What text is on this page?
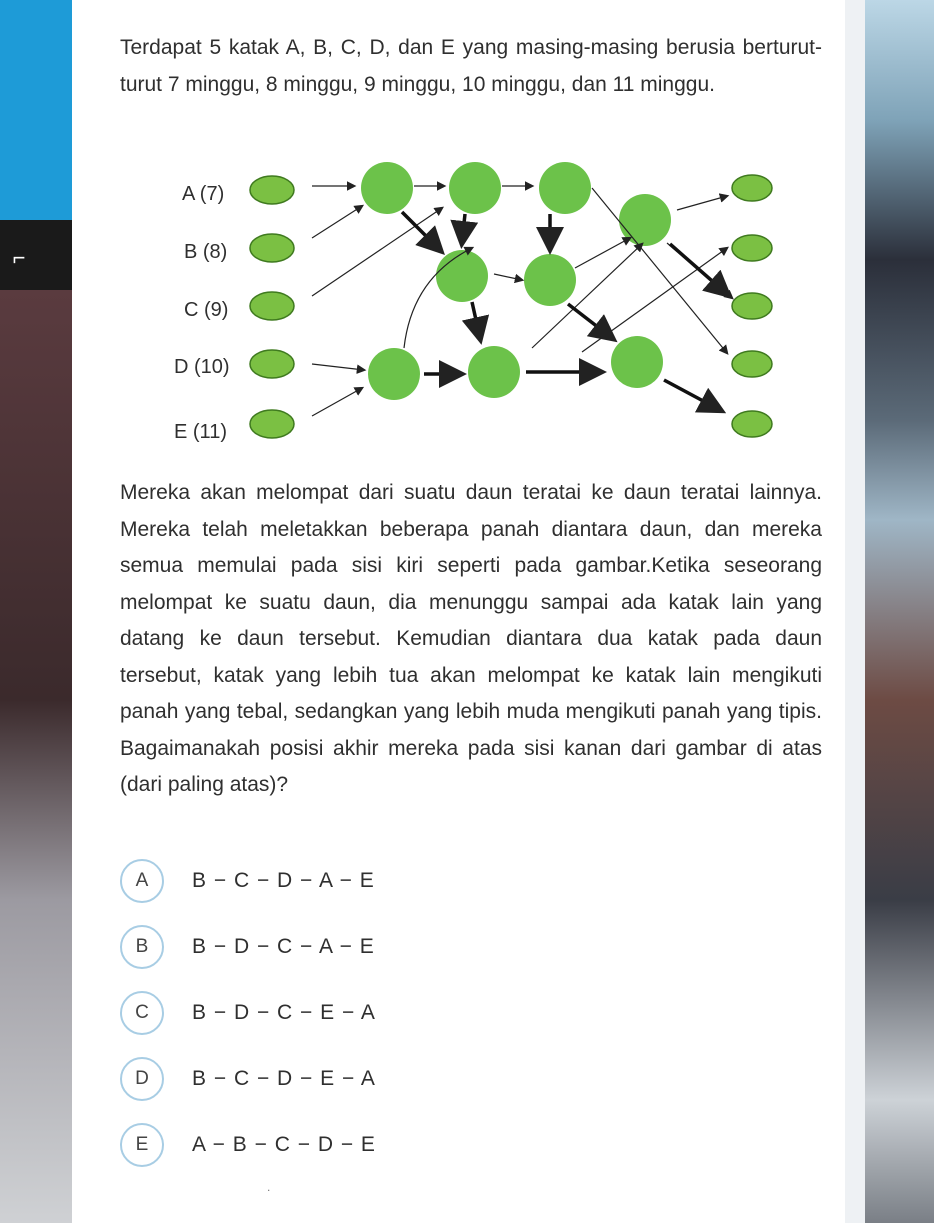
⌐
Terdapat 5 katak A, B, C, D, dan E yang masing-masing berusia berturut-turut 7 minggu, 8 minggu, 9 minggu, 10 minggu, dan 11 minggu.
A (7)
B (8)
C (9)
D (10)
E (11)
Mereka akan melompat dari suatu daun teratai ke daun teratai lainnya. Mereka telah meletakkan beberapa panah diantara daun, dan mereka semua memulai pada sisi kiri seperti pada gambar.Ketika seseorang melompat ke suatu daun, dia menunggu sampai ada katak lain yang datang ke daun tersebut. Kemudian diantara dua katak pada daun tersebut, katak yang lebih tua akan melompat ke katak lain mengikuti panah yang tebal, sedangkan yang lebih muda mengikuti panah yang tipis. Bagaimanakah posisi akhir mereka pada sisi kanan dari gambar di atas (dari paling atas)?
A	B − C − D − A − E
B	B − D − C − A − E
C	B − D − C − E − A
D	B − C − D − E − A
E	A − B − C − D − E
.
